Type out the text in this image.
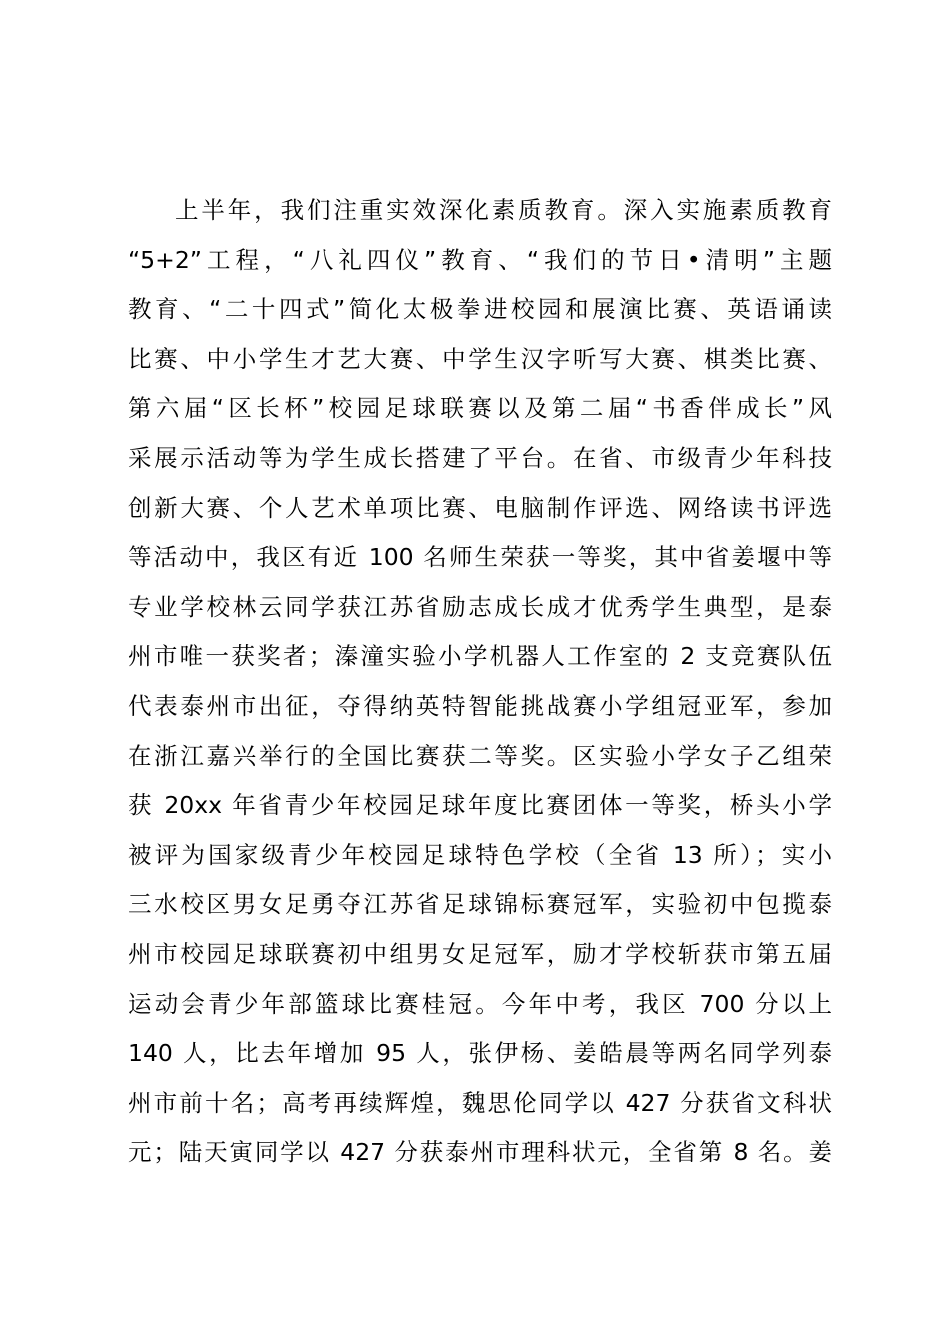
上半年，我们注重实效深化素质教育。深入实施素质教育
“5+2”工程，“八礼四仪”教育、“我们的节日•清明”主题
教育、“二十四式”简化太极拳进校园和展演比赛、英语诵读
比赛、中小学生才艺大赛、中学生汉字听写大赛、棋类比赛、
第六届“区长杯”校园足球联赛以及第二届“书香伴成长”风
采展示活动等为学生成长搭建了平台。在省、市级青少年科技
创新大赛、个人艺术单项比赛、电脑制作评选、网络读书评选
等活动中，我区有近 100 名师生荣获一等奖，其中省姜堰中等
专业学校林云同学获江苏省励志成长成才优秀学生典型，是泰
州市唯一获奖者；溱潼实验小学机器人工作室的 2 支竞赛队伍
代表泰州市出征，夺得纳英特智能挑战赛小学组冠亚军，参加
在浙江嘉兴举行的全国比赛获二等奖。区实验小学女子乙组荣
获 20xx 年省青少年校园足球年度比赛团体一等奖，桥头小学
被评为国家级青少年校园足球特色学校（全省 13 所）；实小
三水校区男女足勇夺江苏省足球锦标赛冠军，实验初中包揽泰
州市校园足球联赛初中组男女足冠军，励才学校斩获市第五届
运动会青少年部篮球比赛桂冠。今年中考，我区 700 分以上
140 人，比去年增加 95 人，张伊杨、姜皓晨等两名同学列泰
州市前十名；高考再续辉煌，魏思伦同学以 427 分获省文科状
元；陆天寅同学以 427 分获泰州市理科状元，全省第 8 名。姜
